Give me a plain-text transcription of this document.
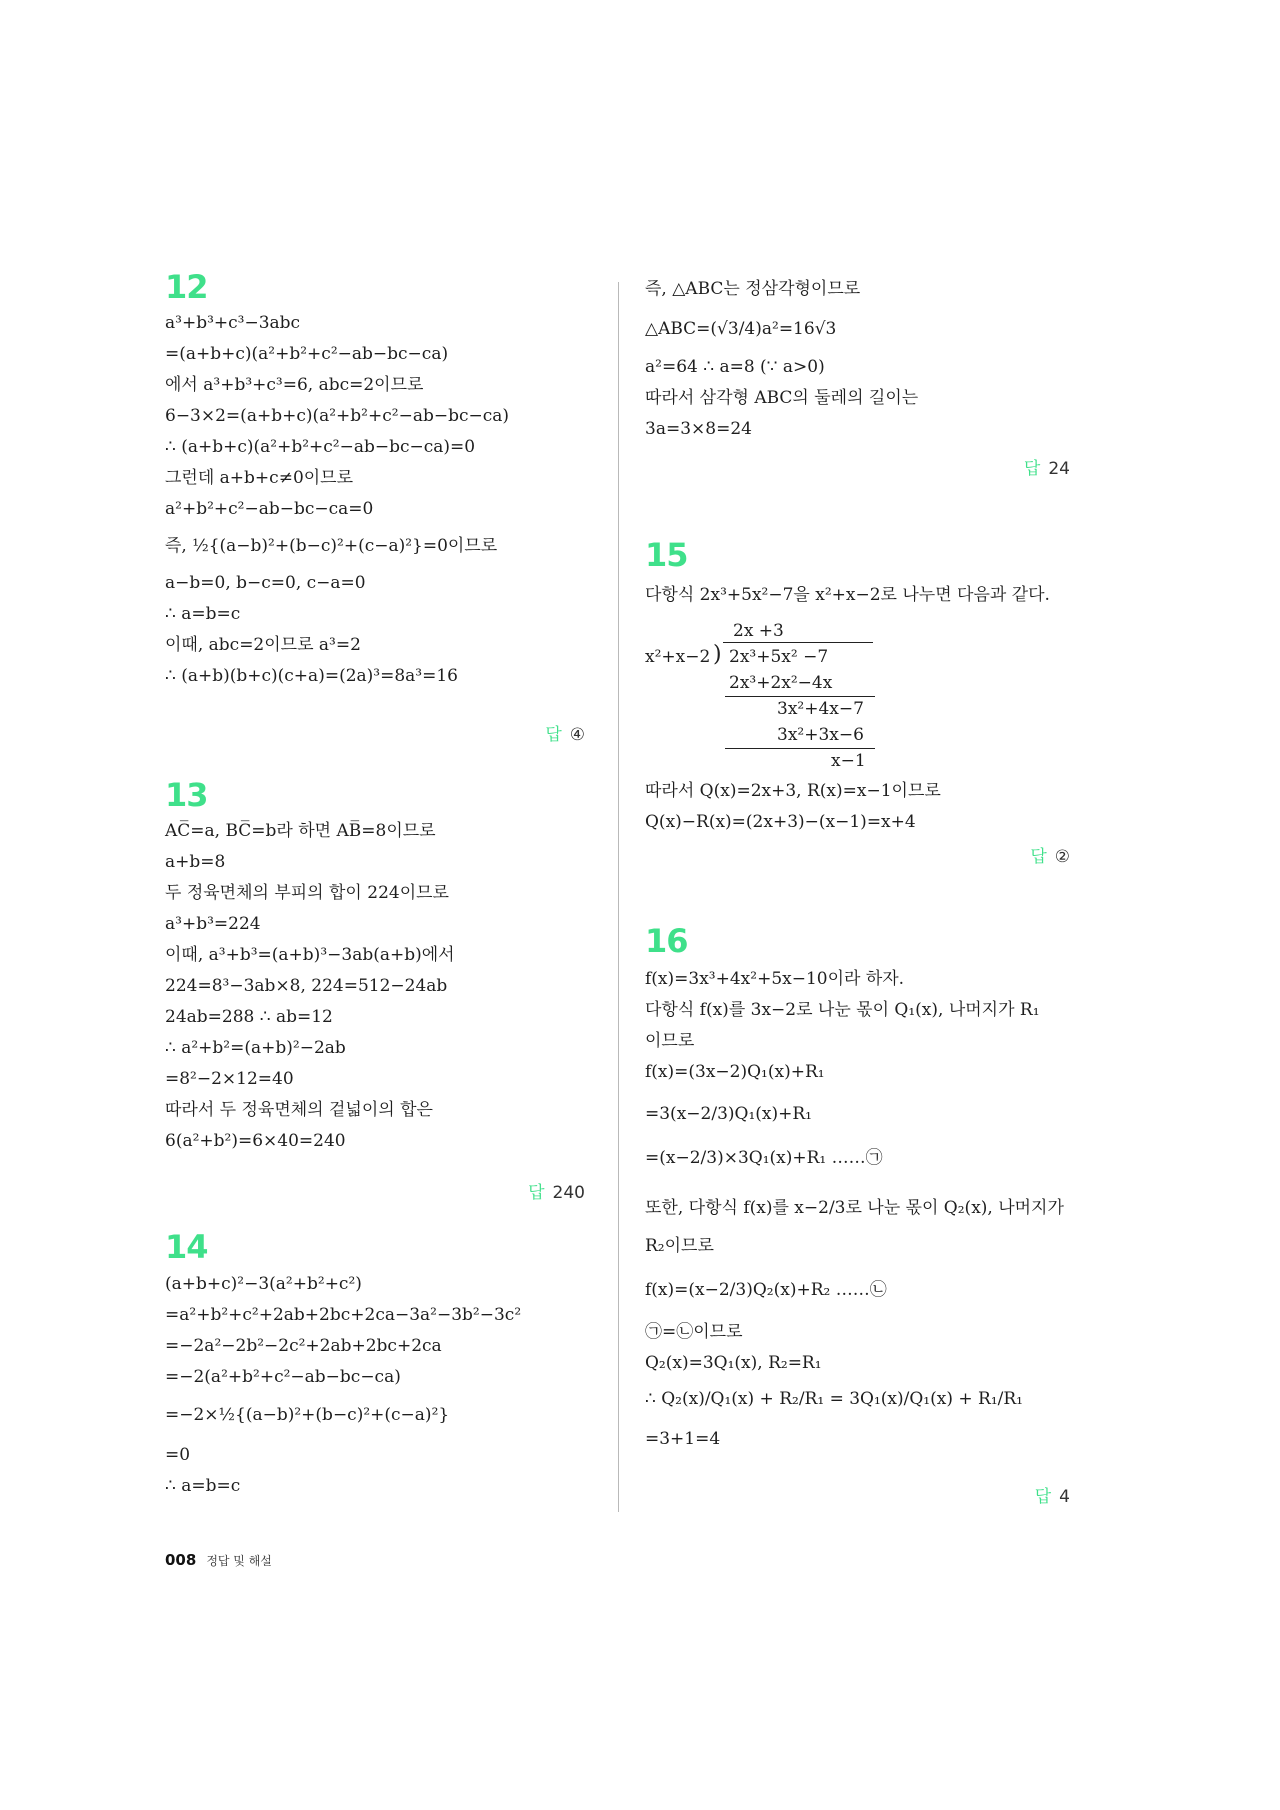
12
a³+b³+c³−3abc
=(a+b+c)(a²+b²+c²−ab−bc−ca)
에서 a³+b³+c³=6, abc=2이므로
6−3×2=(a+b+c)(a²+b²+c²−ab−bc−ca)
∴ (a+b+c)(a²+b²+c²−ab−bc−ca)=0
그런데 a+b+c≠0이므로
a²+b²+c²−ab−bc−ca=0
즉, ½{(a−b)²+(b−c)²+(c−a)²}=0이므로
a−b=0, b−c=0, c−a=0
∴ a=b=c
이때, abc=2이므로 a³=2
∴ (a+b)(b+c)(c+a)=(2a)³=8a³=16
답 ④
13
AC̅=a, BC̅=b라 하면 AB̅=8이므로
a+b=8
두 정육면체의 부피의 합이 224이므로
a³+b³=224
이때, a³+b³=(a+b)³−3ab(a+b)에서
224=8³−3ab×8, 224=512−24ab
24ab=288 ∴ ab=12
∴ a²+b²=(a+b)²−2ab
=8²−2×12=40
따라서 두 정육면체의 겉넓이의 합은
6(a²+b²)=6×40=240
답 240
14
(a+b+c)²−3(a²+b²+c²)
=a²+b²+c²+2ab+2bc+2ca−3a²−3b²−3c²
=−2a²−2b²−2c²+2ab+2bc+2ca
=−2(a²+b²+c²−ab−bc−ca)
=−2×½{(a−b)²+(b−c)²+(c−a)²}
=0
∴ a=b=c
즉, △ABC는 정삼각형이므로
△ABC=(√3/4)a²=16√3
a²=64 ∴ a=8 (∵ a>0)
따라서 삼각형 ABC의 둘레의 길이는
3a=3×8=24
답 24
15
다항식 2x³+5x²−7을 x²+x−2로 나누면 다음과 같다.
2x +3
x²+x−2 ) 2x³+5x² −7
2x³+2x²−4x
3x²+4x−7
3x²+3x−6
x−1
따라서 Q(x)=2x+3, R(x)=x−1이므로
Q(x)−R(x)=(2x+3)−(x−1)=x+4
답 ②
16
f(x)=3x³+4x²+5x−10이라 하자.
다항식 f(x)를 3x−2로 나눈 몫이 Q₁(x), 나머지가 R₁
이므로
f(x)=(3x−2)Q₁(x)+R₁
=3(x−2/3)Q₁(x)+R₁
=(x−2/3)×3Q₁(x)+R₁ ……㉠
또한, 다항식 f(x)를 x−2/3로 나눈 몫이 Q₂(x), 나머지가
R₂이므로
f(x)=(x−2/3)Q₂(x)+R₂ ……㉡
㉠=㉡이므로
Q₂(x)=3Q₁(x), R₂=R₁
∴ Q₂(x)/Q₁(x) + R₂/R₁ = 3Q₁(x)/Q₁(x) + R₁/R₁
=3+1=4
답 4
008 정답 및 해설
